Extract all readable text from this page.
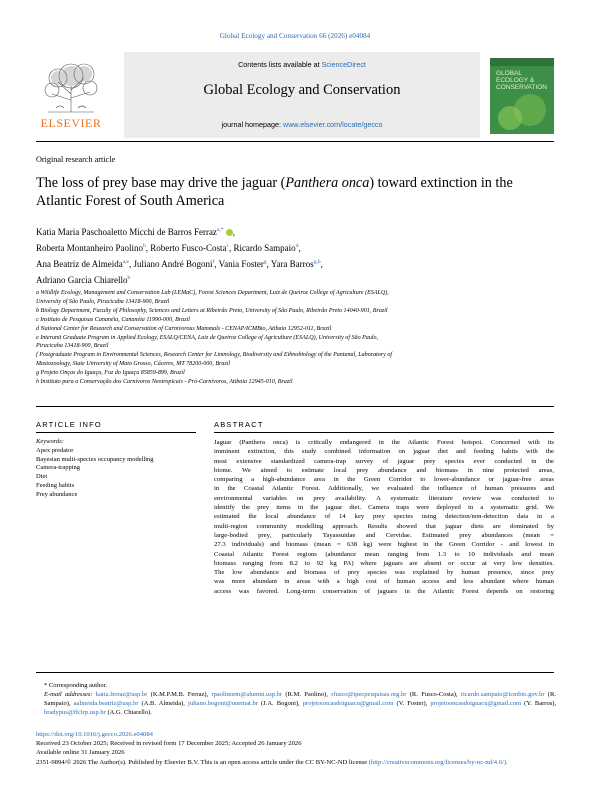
Global Ecology and Conservation 66 (2026) e04084
ELSEVIER
Contents lists available at ScienceDirect
Global Ecology and Conservation
journal homepage: www.elsevier.com/locate/gecco
GLOBAL ECOLOGY & CONSERVATION
Original research article
The loss of prey base may drive the jaguar (Panthera onca) toward extinction in the Atlantic Forest of South America
Katia Maria Paschoaletto Micchi de Barros Ferraz$^{a,*}$ ,
Roberta Montanheiro Paolino$^b$, Roberto Fusco-Costa$^c$, Ricardo Sampaio$^d$,
Ana Beatriz de Almeida$^{a,e}$, Juliano André Bogoni$^f$, Vania Foster$^g$, Yara Barros$^{g,h}$,
Adriano Garcia Chiarello$^b$
a Wildlife Ecology, Management and Conservation Lab (LEMaC), Forest Sciences Department, Luiz de Queiroz College of Agriculture (ESALQ),
University of São Paulo, Piracicaba 13418-900, Brazil
b Biology Department, Faculty of Philosophy, Sciences and Letters at Ribeirão Preto, University of São Paulo, Ribeirão Preto 14040-901, Brazil
c Instituto de Pesquisas Cananéia, Cananéia 11990-000, Brazil
d National Center for Research and Conservation of Carnivorous Mammals - CENAP/ICMBio, Atibaia 12952-011, Brazil
e Interunit Graduate Program in Applied Ecology, ESALQ/CENA, Luiz de Queiroz College of Agriculture (ESALQ), University of São Paulo,
Piracicaba 13418-900, Brazil
f Postgraduate Program in Environmental Sciences, Research Center for Limnology, Biodiversity and Ethnobiology of the Pantanal, Laboratory of
Mastozoology, State University of Mato Grosso, Cáceres, MT 78200-000, Brazil
g Projeto Onças do Iguaçu, Foz do Iguaçu 85859-899, Brazil
h Instituto para a Conservação dos Carnívoros Neotropicais - Pró-Carnívoros, Atibaia 12945-010, Brazil
ARTICLE INFO	ABSTRACT
Keywords:
Apex predator
Bayesian multi-species occupancy modelling
Camera-trapping
Diet
Feeding habits
Prey abundance
Jaguar (Panthera onca) is critically endangered in the Atlantic Forest hotspot. Concerned with its
imminent extinction, this study combined information on jaguar diet and feeding habits with the
most extensive standardized camera-trap survey of jaguar prey species ever conducted in the
biome. We aimed to estimate local prey abundance and biomass in nine protected areas,
comparing a high-abundance area in the Green Corridor to lower-abundance or jaguar-free areas
in the Coastal Atlantic Forest. Additionally, we evaluated the influence of human pressures and
environmental variables on prey availability. A systematic literature review was conducted to
identify the prey items in the jaguar diet. Camera traps were deployed in a systematic grid. We
estimated the local abundance of 14 key prey species using detection/non-detection data in a
multi-region community modelling approach. Results showed that jaguar diets are dominated by
large-bodied prey, particularly Tayassuidae and Cervidae. Estimated prey abundances (mean =
27.3 individuals) and biomass (mean = 638 kg) were highest in the Green Corridor - and lowest in
Coastal Atlantic Forest regions (abundance mean ranging from 1.3 to 10 individuals and mean
biomass ranging from 8.2 to 92 kg PA) where jaguars are absent or occur at very low densities.
The low abundance and biomass of prey species was explained by human presence, since prey
was more abundant in areas with a high cost of human access and less abundant where human
access was favored. Long-term conservation of jaguars in the Atlantic Forest depends on restoring
* Corresponding author.
E-mail addresses: katia.ferraz@usp.br (K.M.P.M.B. Ferraz), rpaolinorm@alumni.usp.br (R.M. Paolino), rfusco@ipecpesquisas.org.br (R. Fusco-Costa), ricardo.sampaio@icmbio.gov.br (R. Sampaio), aalmeida.beatriz@usp.br (A.B. Almeida), juliano.bogoni@unemat.br (J.A. Bogoni), projetooncasdoiguacu@gmail.com (V. Foster), projetooncasdoiguacu@gmail.com (Y. Barros), bradypus@ffclrp.usp.br (A.G. Chiarello).
https://doi.org/10.1016/j.gecco.2026.e04084
Received 23 October 2025; Received in revised form 17 December 2025; Accepted 26 January 2026
Available online 31 January 2026
2351-9894/© 2026 The Author(s). Published by Elsevier B.V. This is an open access article under the CC BY-NC-ND license (http://creativecommons.org/licenses/by-nc-nd/4.0/).
